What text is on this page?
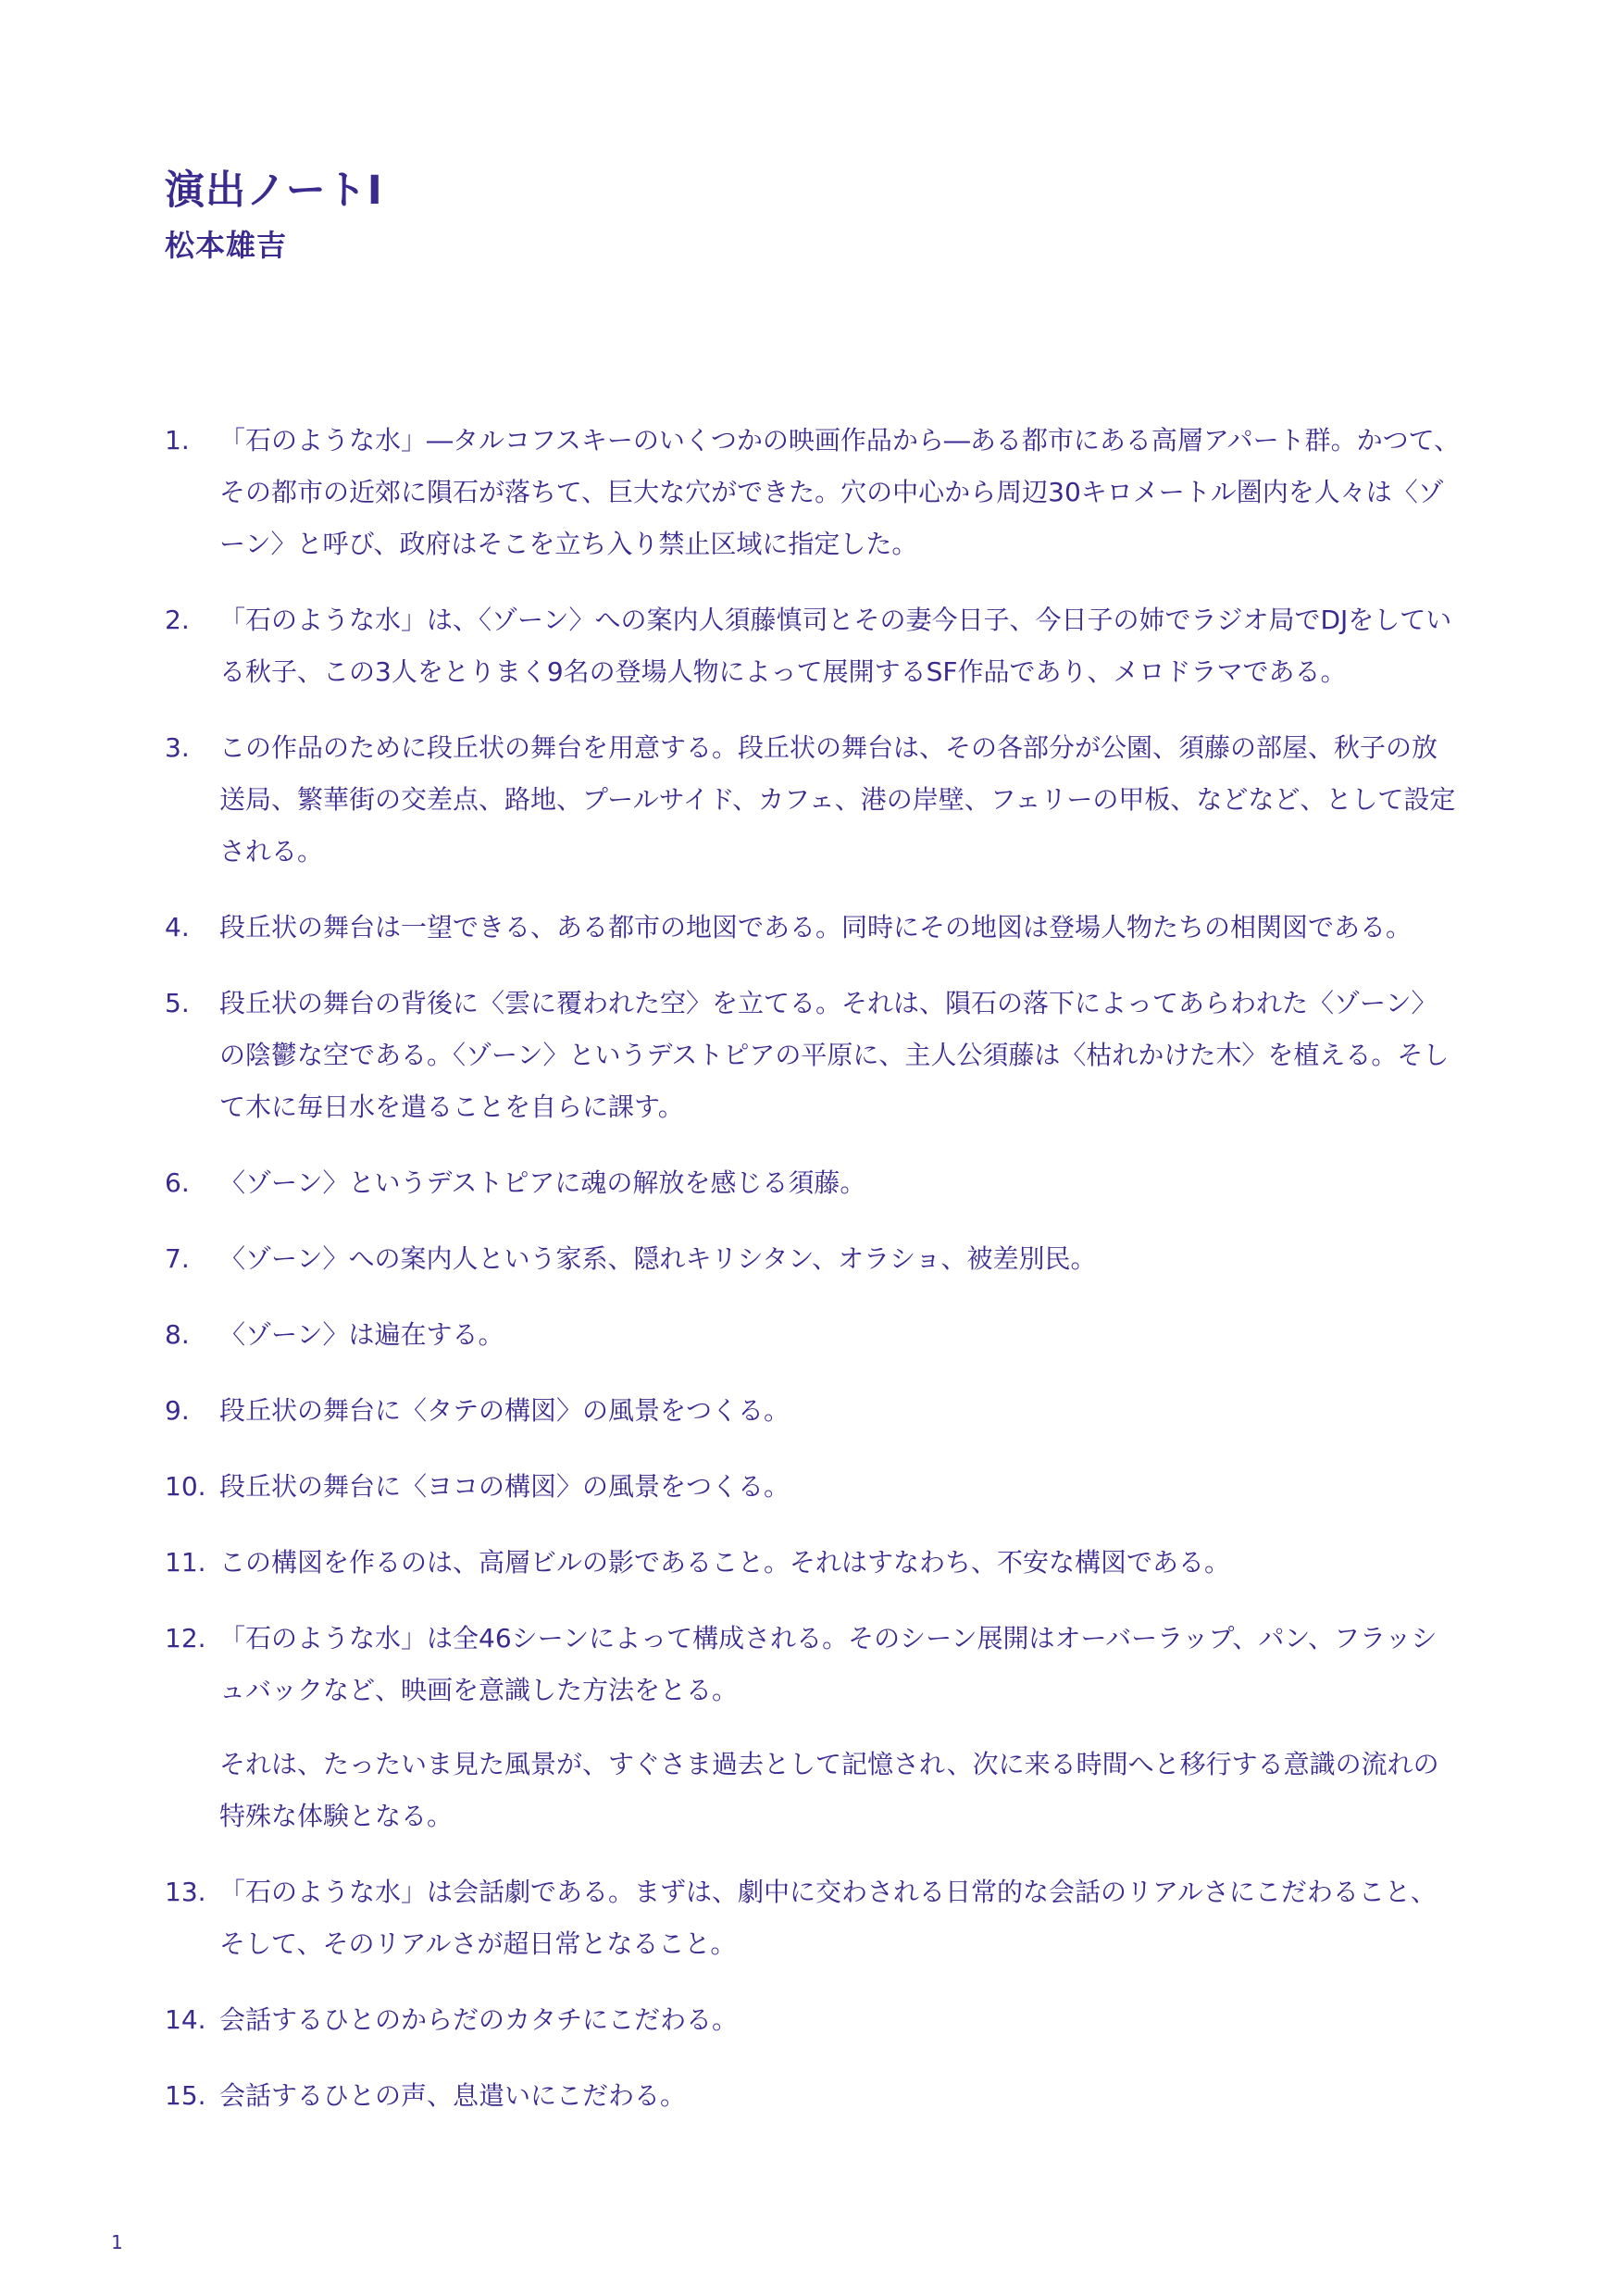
演出ノートⅠ
松本雄吉
1. 「石のような水」―タルコフスキーのいくつかの映画作品から―ある都市にある高層アパート群。かつて、その都市の近郊に隕石が落ちて、巨大な穴ができた。穴の中心から周辺30キロメートル圏内を人々は〈ゾーン〉と呼び、政府はそこを立ち入り禁止区域に指定した。

2. 「石のような水」は、〈ゾーン〉への案内人須藤慎司とその妻今日子、今日子の姉でラジオ局でDJをしている秋子、この3人をとりまく9名の登場人物によって展開するSF作品であり、メロドラマである。

3. この作品のために段丘状の舞台を用意する。段丘状の舞台は、その各部分が公園、須藤の部屋、秋子の放送局、繁華街の交差点、路地、プールサイド、カフェ、港の岸壁、フェリーの甲板、などなど、として設定される。

4. 段丘状の舞台は一望できる、ある都市の地図である。同時にその地図は登場人物たちの相関図である。

5. 段丘状の舞台の背後に〈雲に覆われた空〉を立てる。それは、隕石の落下によってあらわれた〈ゾーン〉の陰鬱な空である。〈ゾーン〉というデストピアの平原に、主人公須藤は〈枯れかけた木〉を植える。そして木に毎日水を遣ることを自らに課す。

6. 〈ゾーン〉というデストピアに魂の解放を感じる須藤。

7. 〈ゾーン〉への案内人という家系、隠れキリシタン、オラショ、被差別民。

8. 〈ゾーン〉は遍在する。

9. 段丘状の舞台に〈タテの構図〉の風景をつくる。

10. 段丘状の舞台に〈ヨコの構図〉の風景をつくる。

11. この構図を作るのは、高層ビルの影であること。それはすなわち、不安な構図である。

12. 「石のような水」は全46シーンによって構成される。そのシーン展開はオーバーラップ、パン、フラッシュバックなど、映画を意識した方法をとる。

それは、たったいま見た風景が、すぐさま過去として記憶され、次に来る時間へと移行する意識の流れの特殊な体験となる。

13. 「石のような水」は会話劇である。まずは、劇中に交わされる日常的な会話のリアルさにこだわること、そして、そのリアルさが超日常となること。

14. 会話するひとのからだのカタチにこだわる。

15. 会話するひとの声、息遣いにこだわる。

1
